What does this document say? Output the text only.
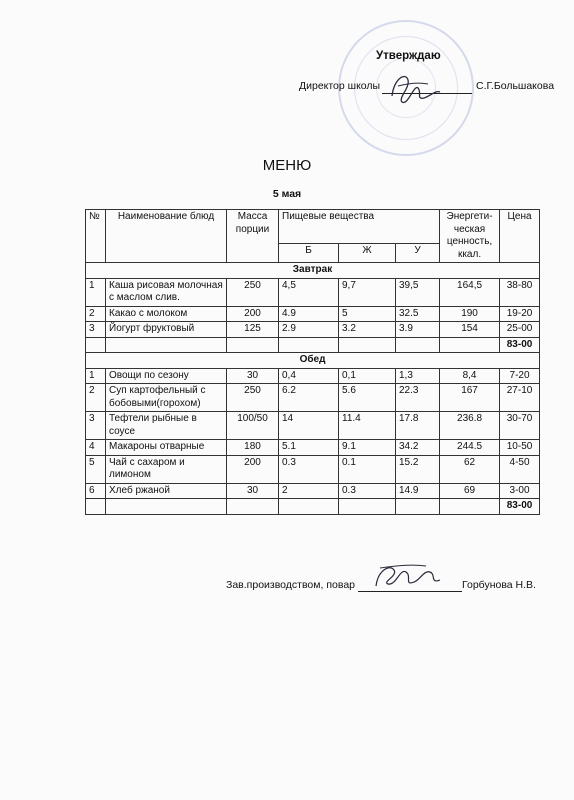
Утверждаю
Директор школы	С.Г.Большакова
МЕНЮ
5 мая
№	Наименование блюд	Масса порции	Пищевые вещества			Энергети-ческая ценность, ккал.	Цена
			Б	Ж	У		
Завтрак							
1	Каша рисовая молочная с маслом слив.	250	4,5	9,7	39,5	164,5	38-80
2	Какао с молоком	200	4.9	5	32.5	190	19-20
3	Йогурт фруктовый	125	2.9	3.2	3.9	154	25-00
							83-00
Обед							
1	Овощи по сезону	30	0,4	0,1	1,3	8,4	7-20
2	Суп картофельный с бобовыми(горохом)	250	6.2	5.6	22.3	167	27-10
3	Тефтели рыбные в соусе	100/50	14	11.4	17.8	236.8	30-70
4	Макароны отварные	180	5.1	9.1	34.2	244.5	10-50
5	Чай с сахаром и лимоном	200	0.3	0.1	15.2	62	4-50
6	Хлеб ржаной	30	2	0.3	14.9	69	3-00
							83-00
Зав.производством, повар	Горбунова Н.В.
